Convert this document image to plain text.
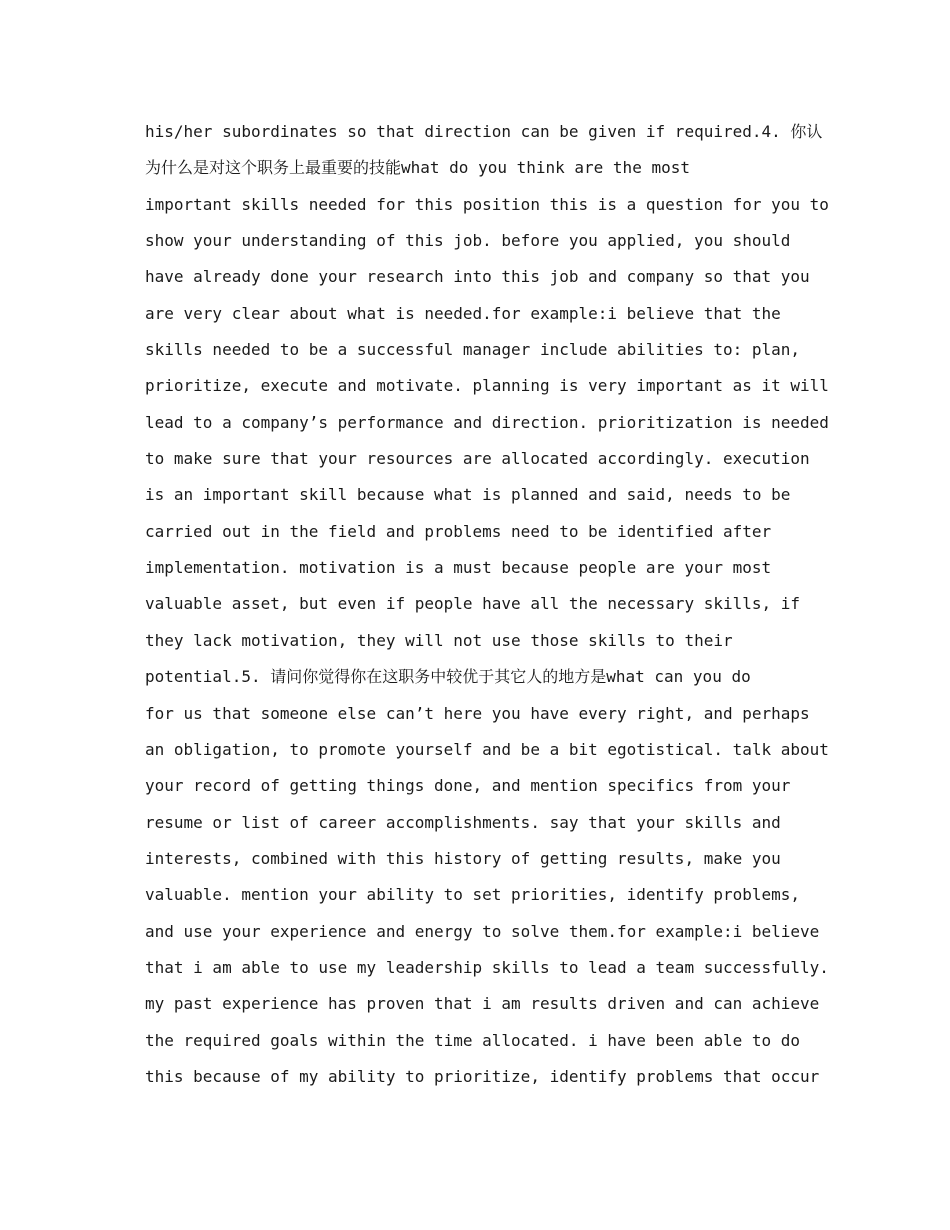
his/her subordinates so that direction can be given if required.4. 你认
为什么是对这个职务上最重要的技能what do you think are the most
important skills needed for this position this is a question for you to
show your understanding of this job. before you applied, you should
have already done your research into this job and company so that you
are very clear about what is needed.for example:i believe that the
skills needed to be a successful manager include abilities to: plan,
prioritize, execute and motivate. planning is very important as it will
lead to a company’s performance and direction. prioritization is needed
to make sure that your resources are allocated accordingly. execution
is an important skill because what is planned and said, needs to be
carried out in the field and problems need to be identified after
implementation. motivation is a must because people are your most
valuable asset, but even if people have all the necessary skills, if
they lack motivation, they will not use those skills to their
potential.5. 请问你觉得你在这职务中较优于其它人的地方是what can you do
for us that someone else can’t here you have every right, and perhaps
an obligation, to promote yourself and be a bit egotistical. talk about
your record of getting things done, and mention specifics from your
resume or list of career accomplishments. say that your skills and
interests, combined with this history of getting results, make you
valuable. mention your ability to set priorities, identify problems,
and use your experience and energy to solve them.for example:i believe
that i am able to use my leadership skills to lead a team successfully.
my past experience has proven that i am results driven and can achieve
the required goals within the time allocated. i have been able to do
this because of my ability to prioritize, identify problems that occur
